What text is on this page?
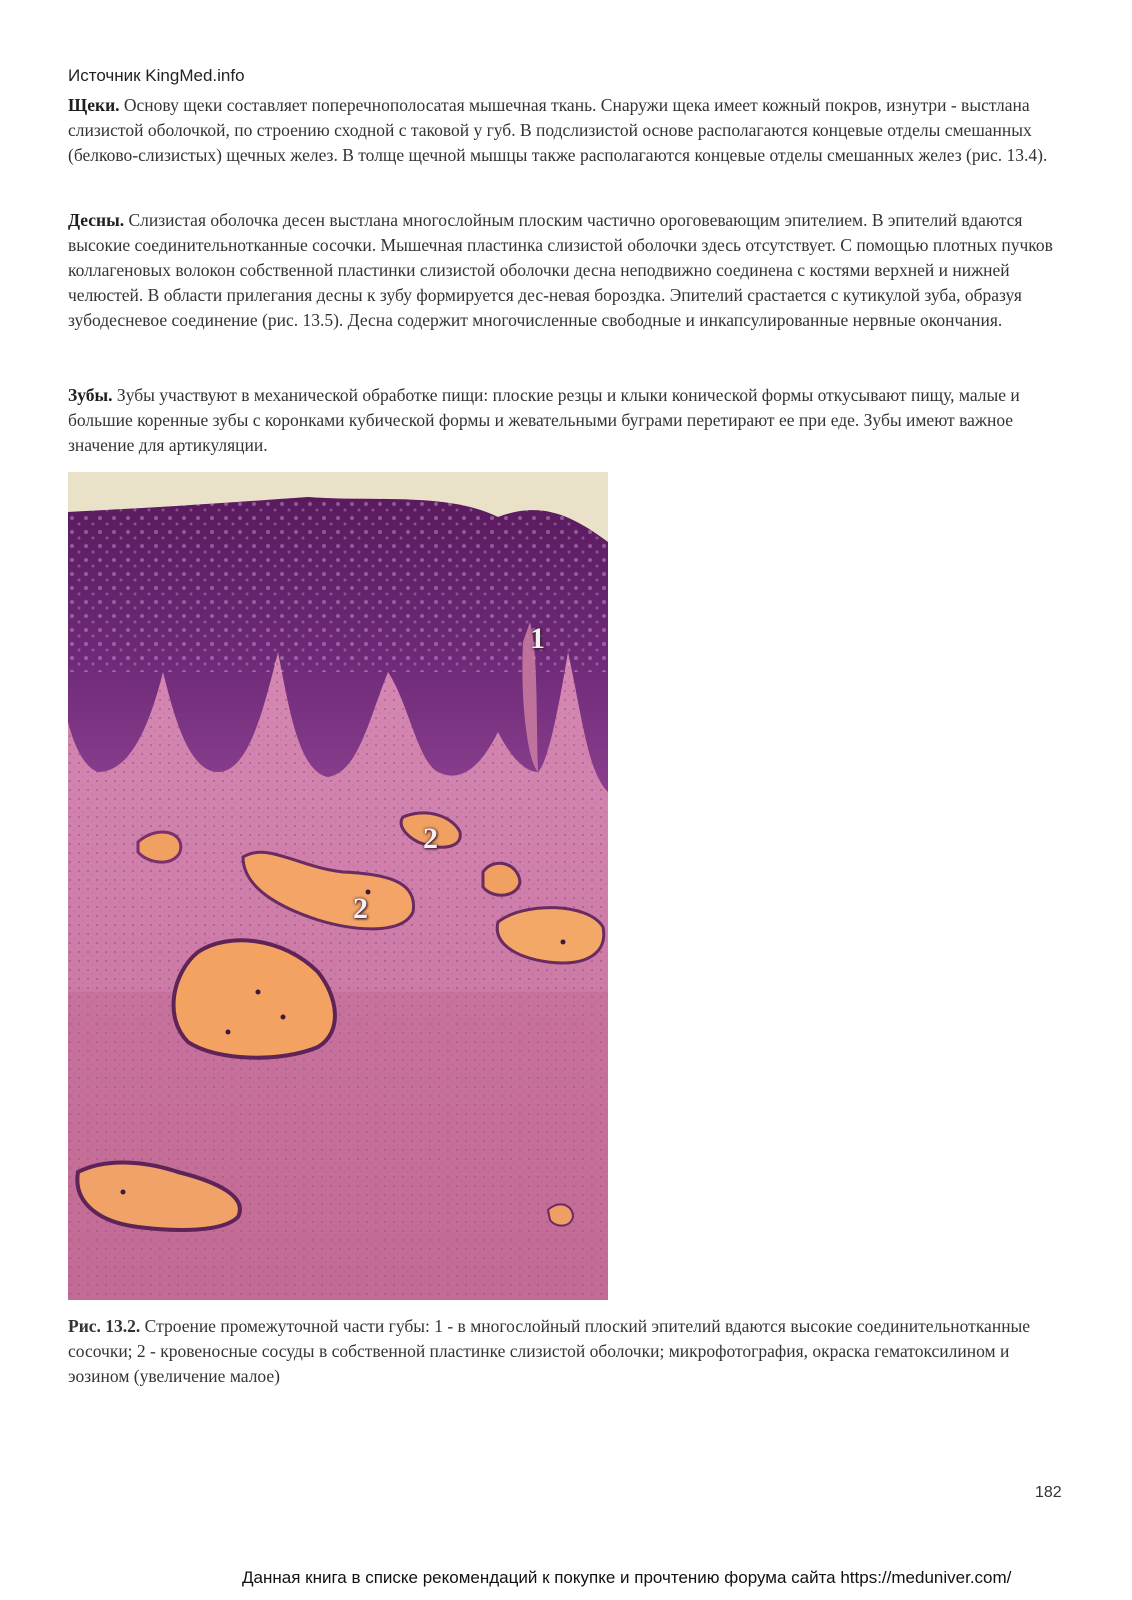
Источник KingMed.info

Щеки. Основу щеки составляет поперечнополосатая мышечная ткань. Снаружи щека имеет кожный покров, изнутри - выстлана слизистой оболочкой, по строению сходной с таковой у губ. В подслизистой основе располагаются концевые отделы смешанных (белково-слизистых) щечных желез. В толще щечной мышцы также располагаются концевые отделы смешанных желез (рис. 13.4).

Десны. Слизистая оболочка десен выстлана многослойным плоским частично ороговевающим эпителием. В эпителий вдаются высокие соединительнотканные сосочки. Мышечная пластинка слизистой оболочки здесь отсутствует. С помощью плотных пучков коллагеновых волокон собственной пластинки слизистой оболочки десна неподвижно соединена с костями верхней и нижней челюстей. В области прилегания десны к зубу формируется дес-невая бороздка. Эпителий срастается с кутикулой зуба, образуя зубодесневое соединение (рис. 13.5). Десна содержит многочисленные свободные и инкапсулированные нервные окончания.

Зубы. Зубы участвуют в механической обработке пищи: плоские резцы и клыки конической формы откусывают пищу, малые и большие коренные зубы с коронками кубической формы и жевательными буграми перетирают ее при еде. Зубы имеют важное значение для артикуляции.

1
2
2

Рис. 13.2. Строение промежуточной части губы: 1 - в многослойный плоский эпителий вдаются высокие соединительнотканные сосочки; 2 - кровеносные сосуды в собственной пластинке слизистой оболочки; микрофотография, окраска гематоксилином и эозином (увеличение малое)

182
Данная книга в списке рекомендаций к покупке и прочтению форума сайта https://meduniver.com/
